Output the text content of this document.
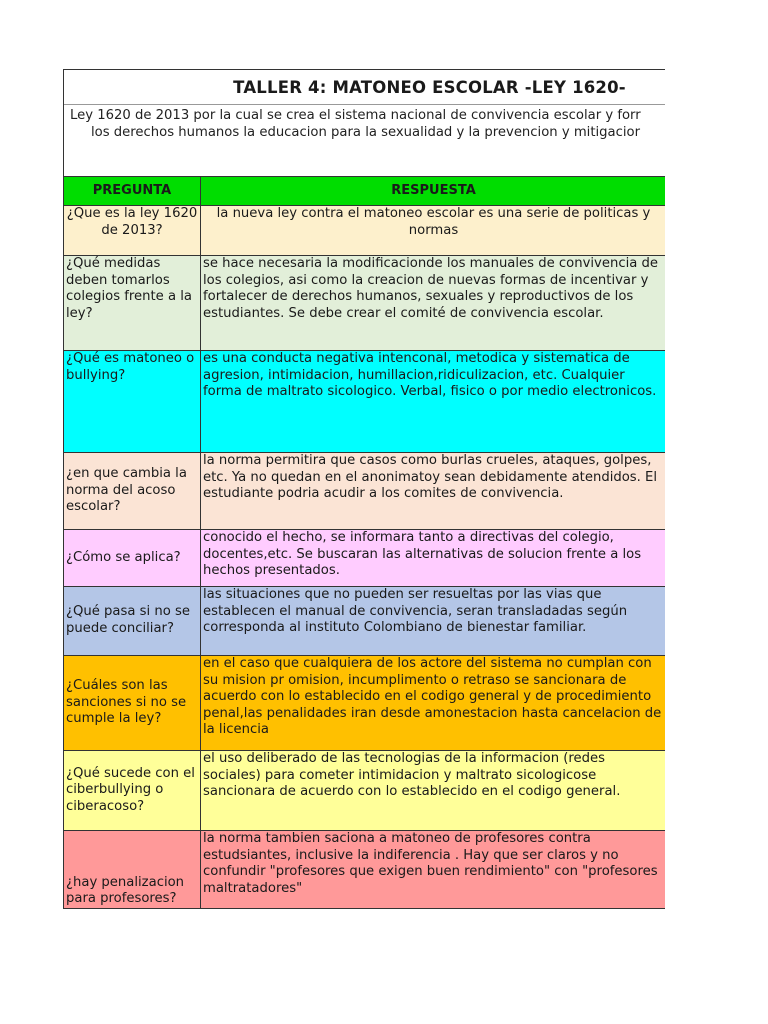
TALLER 4: MATONEO ESCOLAR -LEY 1620-
Ley 1620 de 2013 por la cual se crea el sistema nacional de convivencia escolar y forr
los derechos humanos la educacion para la sexualidad y la prevencion y mitigacior
PREGUNTA	RESPUESTA
¿Que es la ley 1620 de 2013?	la nueva ley contra el matoneo escolar es una serie de politicas y normas
¿Qué medidas deben tomarlos colegios frente a la ley?	se hace necesaria la modificacionde los manuales de convivencia de los colegios, asi como la creacion de nuevas formas de incentivar y fortalecer de derechos humanos, sexuales y reproductivos de los estudiantes. Se debe crear el comité de convivencia escolar.
¿Qué es matoneo o bullying?	es una conducta negativa intenconal, metodica y sistematica de agresion, intimidacion, humillacion,ridiculizacion, etc. Cualquier forma de maltrato sicologico. Verbal, fisico o por medio electronicos.
¿en que cambia la norma del acoso escolar?	la norma permitira que casos como burlas crueles, ataques, golpes, etc. Ya no quedan en el anonimatoy sean debidamente atendidos. El estudiante podria acudir a los comites de convivencia.
¿Cómo se aplica?	conocido el hecho, se informara tanto a directivas del colegio, docentes,etc. Se buscaran las alternativas de solucion frente a los hechos presentados.
¿Qué pasa si no se puede conciliar?	las situaciones que no pueden ser resueltas por las vias que establecen el manual de convivencia, seran transladadas según corresponda al instituto Colombiano de bienestar familiar.
¿Cuáles son las sanciones si no se cumple la ley?	en el caso que cualquiera de los actore del sistema no cumplan con su mision pr omision, incumplimento o retraso se sancionara de acuerdo con lo establecido en el codigo general y de procedimiento penal,las penalidades iran desde amonestacion hasta cancelacion de la licencia
¿Qué sucede con el ciberbullying o ciberacoso?	el uso deliberado de las tecnologias de la informacion (redes sociales) para cometer intimidacion y maltrato sicologicose sancionara de acuerdo con lo establecido en el codigo general.
¿hay penalizacion para profesores?	la norma tambien saciona a matoneo de profesores contra estudsiantes, inclusive la indiferencia . Hay que ser claros y no confundir "profesores que exigen buen rendimiento" con "profesores maltratadores"
